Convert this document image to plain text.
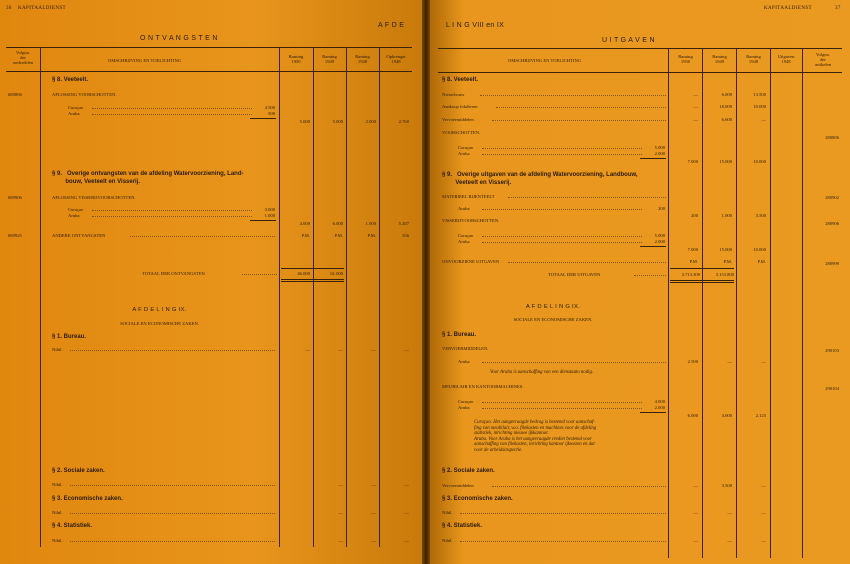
36 KAPITAALDIENST
A F D E
O N T V A N G S T E N
Volgno.
der
onderdelen	OMSCHRIJVING EN TOELICHTING
Raming
1950
Raming
1949
Raming
1948
Opbrengst
1948
§ 8. Veeteelt.
680806	AFLOSSING VOORSCHOTTEN.
Curaçao	4.500
Aruba	500
5.000	5.000	2.000	2.760
§ 9.   Overige ontvangsten van de afdeling Watervoorziening, Land-
bouw, Veeteelt en Visserij.
680906	AFLOSSING VISSERIJVOORSCHOTTEN.
Curaçao	3.000
Aruba	1.000
4.000	6.000	1.000	5.207
680925	ANDERE ONTVANGSTEN	P.M.	P.M.	P.M.	356
TOTAAL DER ONTVANGSTEN	46.000	61.000
A F D E L I N G IX.
SOCIALE EN ECONOMISCHE ZAKEN.
§ 1. Bureau.
Nihil.	—	—	—	—
§ 2. Sociale zaken.
Nihil.	—	—	—
§ 3. Economische zaken.
Nihil.	—	—	—
§ 4. Statistiek.
Nihil.	—	—	—
L I N G VIII en IX
KAPITAALDIENST	37
U I T G A V E N
OMSCHRIJVING EN TOELICHTING
Raming
1950
Raming
1949
Raming
1948
Uitgaven
1948
Volgno.
der
artikelen
§ 8. Veeteelt.
Nieuwbouw	—	6.000	13.500
Aankoop fokdieren	—	18.000	10.000
Vervoermiddelen	—	6.600	—
VOORSCHOTTEN.
280806
Curaçao	5.000
Aruba	2.000
7.000	15.000	10.000
§ 9.   Overige uitgaven van de afdeling Watervoorziening, Landbouw,
Veeteelt en Visserij.
MATERIEEL RIJENTEELT	280902
Aruba	200
200	1.000	3.500
VISSERIJVOORSCHOTTEN.
280906
Curaçao	5.000
Aruba	2.000
7.000	15.000	10.000
ONVOORZIENE UITGAVEN	P.M.	P.M.	P.M.	280999
TOTAAL DER UITGAVEN	3.713.300	3.153.800
A F D E L I N G IX.
SOCIALE EN ECONOMISCHE ZAKEN.
§ 1. Bureau.
VERVOERMIDDELEN.	290103
Aruba	2.500	—	—
Voor Aruba is aanschaffing van een dienstauto nodig.
MEUBILAIR EN KANTOORMACHINES.	290104
Curaçao	4.000
Aruba	2.000
6.000	4.000	2.125
Curaçao. Het aangevraagde bedrag is bestemd voor aanschaf-
fing van meubilair, w.o. filekasten en machines voor de afdeling
statistiek, inrichting nieuwe ijkkantoor.
Aruba. Voor Aruba is het aangevraagde crediet bestemd voor
aanschaffing van filekasten, inrichting kantoor ijkwezen en dat
voor de arbeidsinspectie.
§ 2. Sociale zaken.
Vervoermiddelen	—	3.500	—
§ 3. Economische zaken.
Nihil.	—	—	—
§ 4. Statistiek.
Nihil.	—	—	—
